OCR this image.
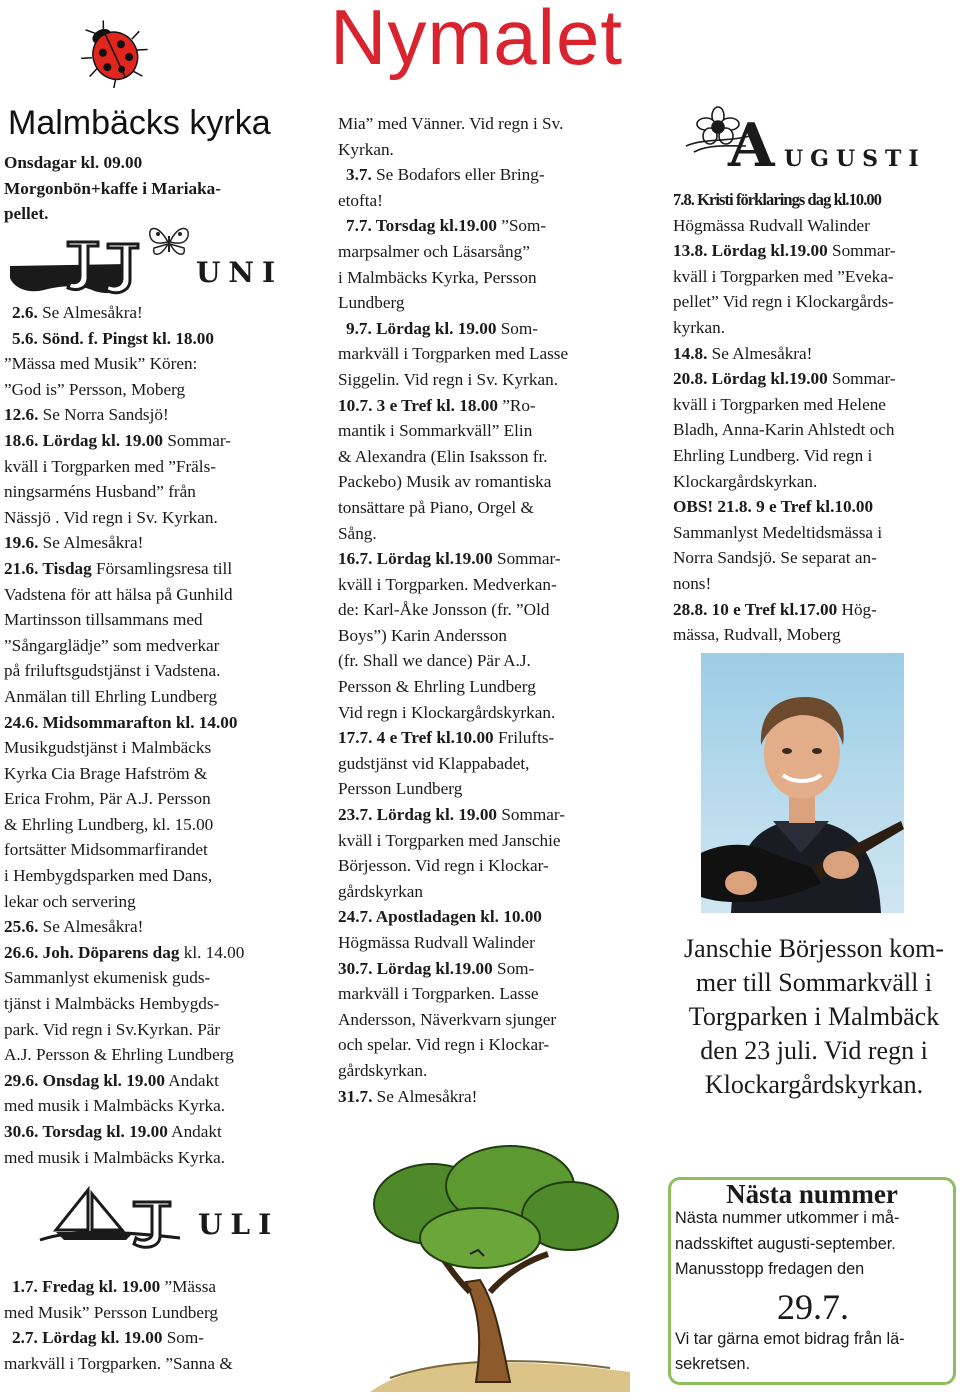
Nymalet
Malmbäcks kyrka

Onsdagar kl. 09.00

Morgonbön+kaffe i Mariaka-

pellet.

UNI

2.6. Se Almesåkra!

5.6. Sönd. f. Pingst kl. 18.00

”Mässa med Musik” Kören:

”God is” Persson, Moberg

12.6. Se Norra Sandsjö!

18.6. Lördag kl. 19.00 Sommar-

kväll i Torgparken med ”Fräls-

ningsarméns Husband” från

Nässjö . Vid regn i Sv. Kyrkan.

19.6. Se Almesåkra!

21.6. Tisdag Församlingsresa till

Vadstena för att hälsa på Gunhild

Martinsson tillsammans med

”Sångarglädje” som medverkar

på friluftsgudstjänst i Vadstena.

Anmälan till Ehrling Lundberg

24.6. Midsommarafton kl. 14.00

Musikgudstjänst i Malmbäcks

Kyrka Cia Brage Hafström &

Erica Frohm, Pär A.J. Persson

& Ehrling Lundberg, kl. 15.00

fortsätter Midsommarfirandet

i Hembygdsparken med Dans,

lekar och servering

25.6. Se Almesåkra!

26.6. Joh. Döparens dag kl. 14.00

Sammanlyst ekumenisk guds-

tjänst i Malmbäcks Hembygds-

park. Vid regn i Sv.Kyrkan. Pär

A.J. Persson & Ehrling Lundberg

29.6. Onsdag kl. 19.00 Andakt

med musik i Malmbäcks Kyrka.

30.6. Torsdag kl. 19.00 Andakt

med musik i Malmbäcks Kyrka.

ULI

1.7. Fredag kl. 19.00 ”Mässa

med Musik” Persson Lundberg

2.7. Lördag kl. 19.00 Som-

markväll i Torgparken. ”Sanna &

Mia” med Vänner. Vid regn i Sv.

Kyrkan.

3.7. Se Bodafors eller Bring-

etofta!

7.7. Torsdag kl.19.00 ”Som-

marpsalmer och Läsarsång”

i Malmbäcks Kyrka, Persson

Lundberg

9.7. Lördag kl. 19.00 Som-

markväll i Torgparken med Lasse

Siggelin. Vid regn i Sv. Kyrkan.

10.7. 3 e Tref kl. 18.00 ”Ro-

mantik i Sommarkväll” Elin

& Alexandra (Elin Isaksson fr.

Packebo) Musik av romantiska

tonsättare på Piano, Orgel &

Sång.

16.7. Lördag kl.19.00 Sommar-

kväll i Torgparken. Medverkan-

de: Karl-Åke Jonsson (fr. ”Old

Boys”) Karin Andersson

(fr. Shall we dance) Pär A.J.

Persson & Ehrling Lundberg

Vid regn i Klockargårdskyrkan.

17.7. 4 e Tref kl.10.00 Frilufts-

gudstjänst vid Klappabadet,

Persson Lundberg

23.7. Lördag kl. 19.00 Sommar-

kväll i Torgparken med Janschie

Börjesson. Vid regn i Klockar-

gårdskyrkan

24.7. Apostladagen kl. 10.00

Högmässa Rudvall Walinder

30.7. Lördag kl.19.00 Som-

markväll i Torgparken. Lasse

Andersson, Näverkvarn sjunger

och spelar. Vid regn i Klockar-

gårdskyrkan.

31.7. Se Almesåkra!

A UGUSTI

7.8. Kristi förklarings dag kl.10.00

Högmässa Rudvall Walinder

13.8. Lördag kl.19.00 Sommar-

kväll i Torgparken med ”Eveka-

pellet” Vid regn i Klockargårds-

kyrkan.

14.8. Se Almesåkra!

20.8. Lördag kl.19.00 Sommar-

kväll i Torgparken med Helene

Bladh, Anna-Karin Ahlstedt och

Ehrling Lundberg. Vid regn i

Klockargårdskyrkan.

OBS! 21.8. 9 e Tref kl.10.00

Sammanlyst Medeltidsmässa i

Norra Sandsjö. Se separat an-

nons!

28.8. 10 e Tref kl.17.00 Hög-

mässa, Rudvall, Moberg

Janschie Börjesson kom-
mer till Sommarkväll i
Torgparken i Malmbäck
den 23 juli. Vid regn i
Klockargårdskyrkan.
Nästa nummer
Nästa nummer utkommer i må-
nadsskiftet augusti-september.
Manusstopp fredagen den
29.7.
Vi tar gärna emot bidrag från lä-
sekretsen.
